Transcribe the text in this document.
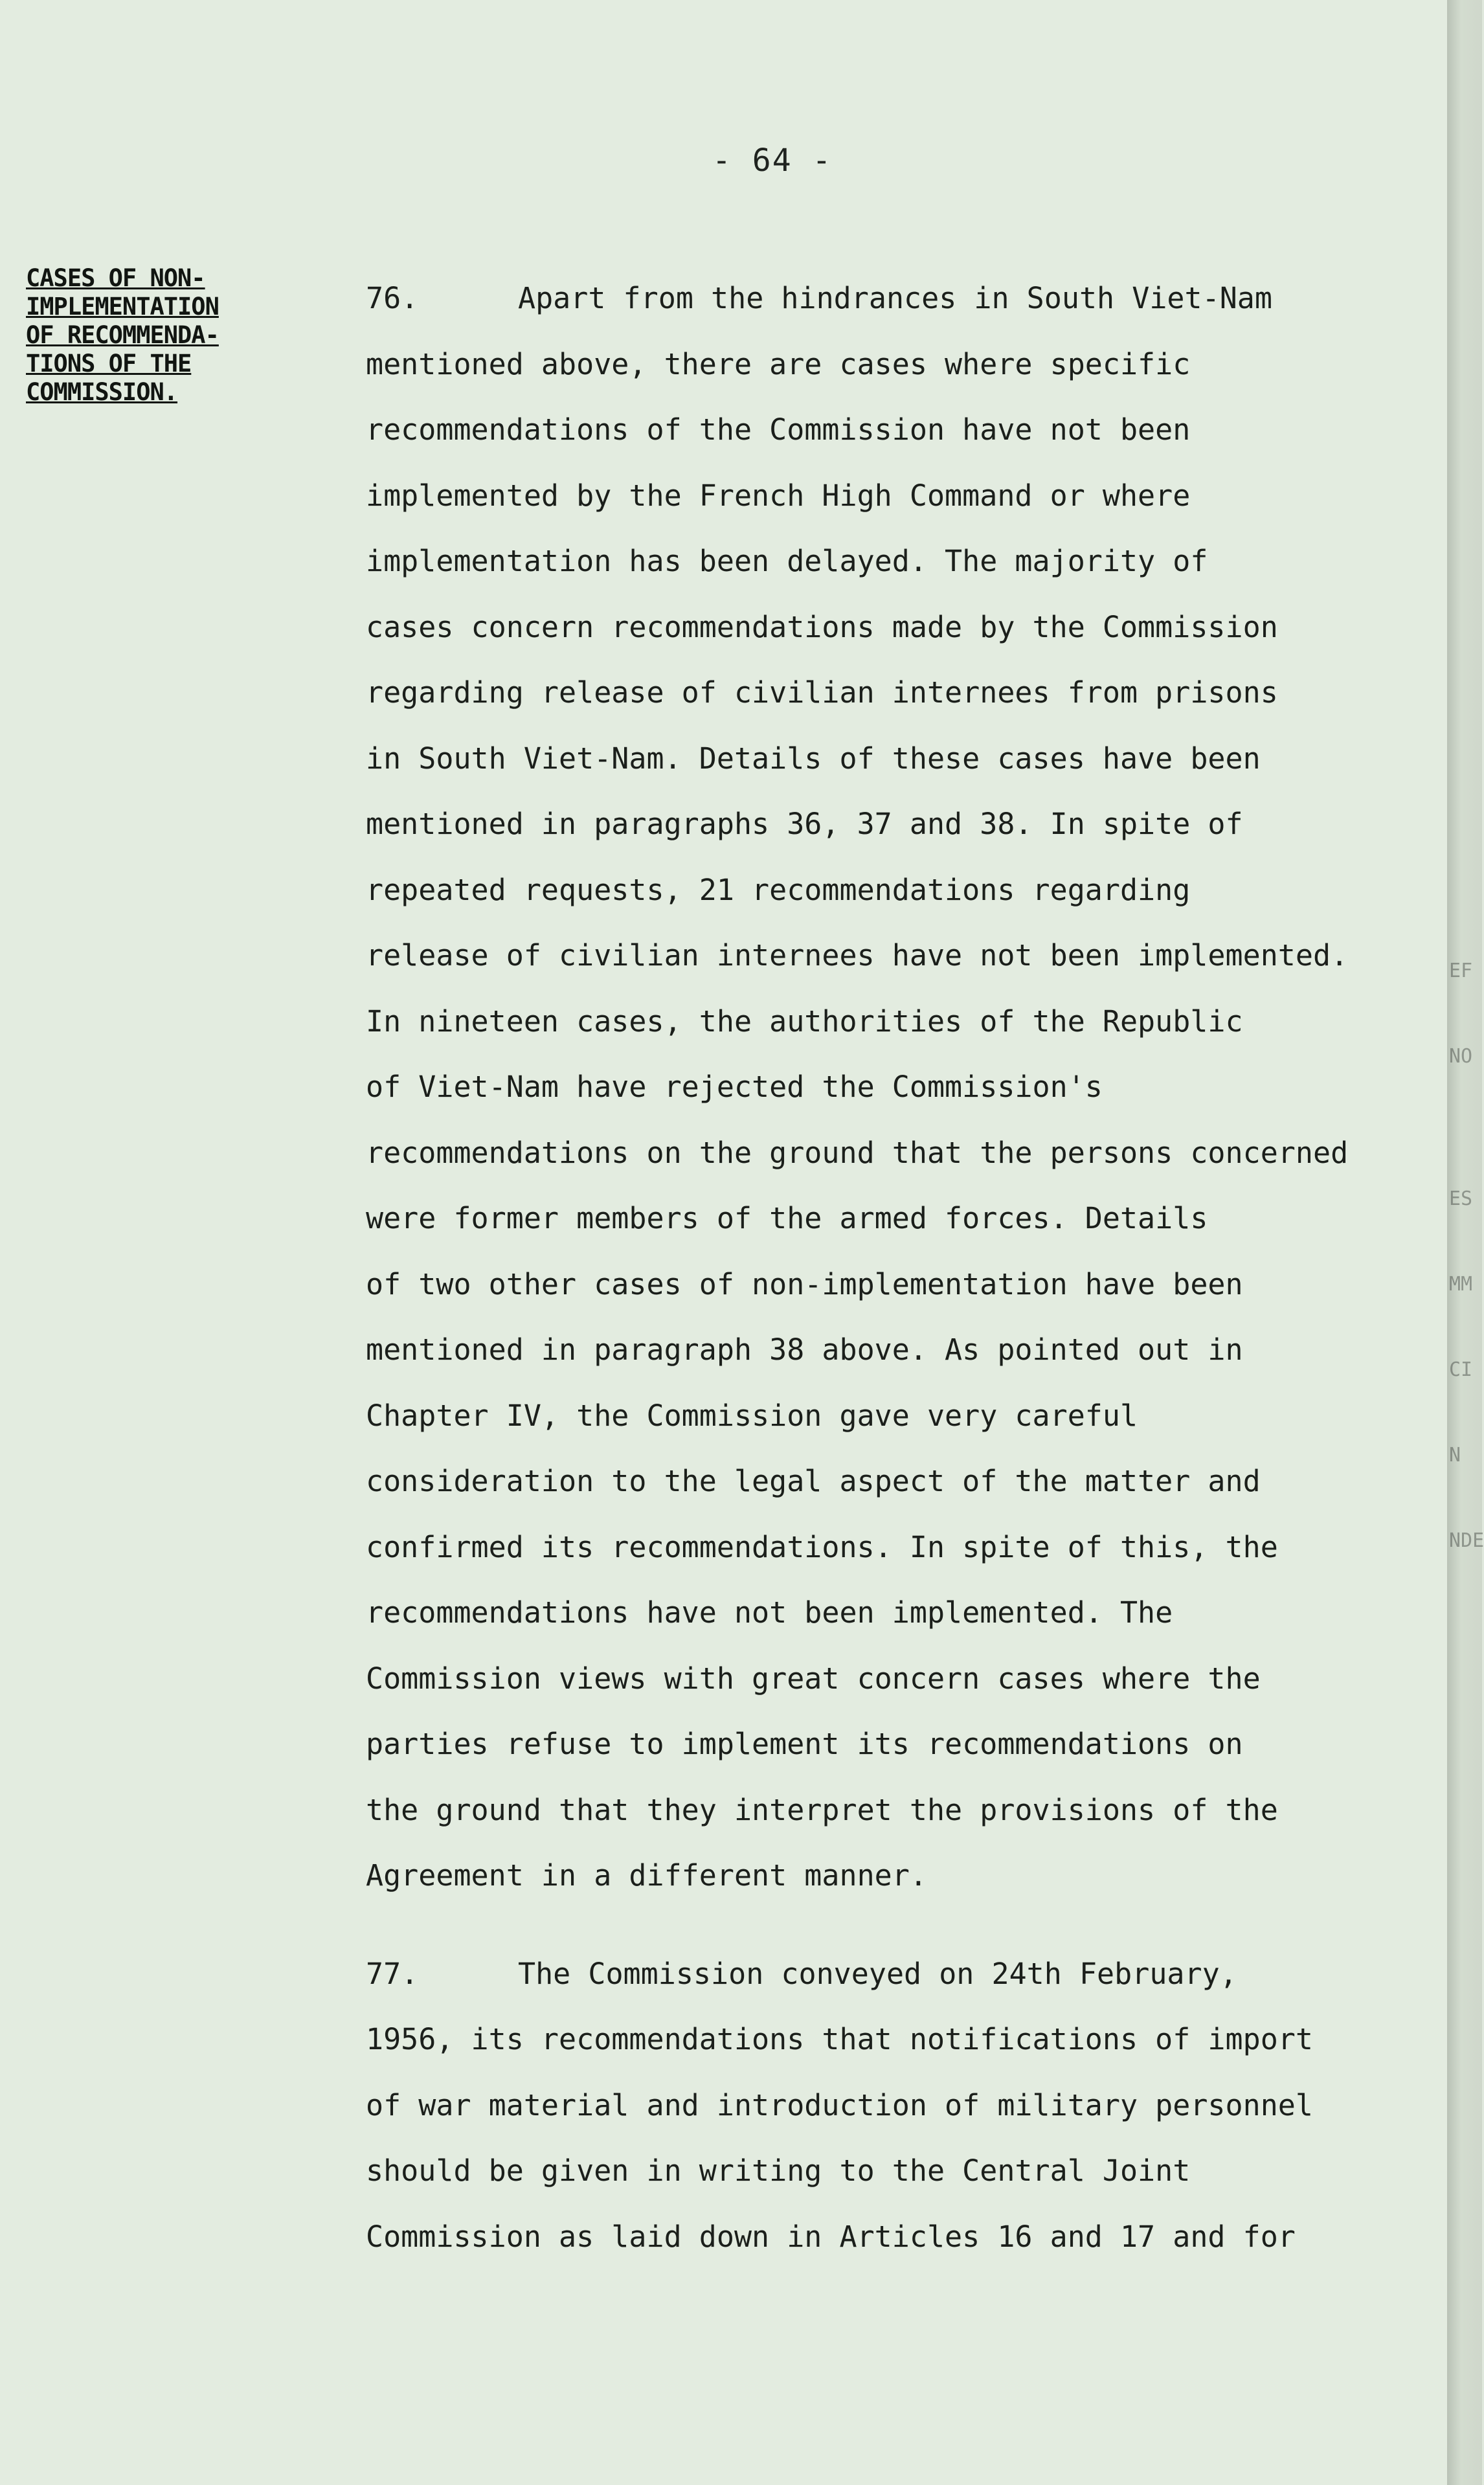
EF

NO

ES

MM

CI

N

NDE

- 64 -
CASES OF NON-
IMPLEMENTATION
OF RECOMMENDA-
TIONS OF THE
COMMISSION.
76.	Apart from the hindrances in South Viet-Nam
mentioned above, there are cases where specific
recommendations of the Commission have not been
implemented by the French High Command or where
implementation has been delayed. The majority of
cases concern recommendations made by the Commission
regarding release of civilian internees from prisons
in South Viet-Nam. Details of these cases have been
mentioned in paragraphs 36, 37 and 38. In spite of
repeated requests, 21 recommendations regarding
release of civilian internees have not been implemented.
In nineteen cases, the authorities of the Republic
of Viet-Nam have rejected the Commission's
recommendations on the ground that the persons concerned
were former members of the armed forces. Details
of two other cases of non-implementation have been
mentioned in paragraph 38 above. As pointed out in
Chapter IV, the Commission gave very careful
consideration to the legal aspect of the matter and
confirmed its recommendations. In spite of this, the
recommendations have not been implemented. The
Commission views with great concern cases where the
parties refuse to implement its recommendations on
the ground that they interpret the provisions of the
Agreement in a different manner.
77.	The Commission conveyed on 24th February,
1956, its recommendations that notifications of import
of war material and introduction of military personnel
should be given in writing to the Central Joint
Commission as laid down in Articles 16 and 17 and for
